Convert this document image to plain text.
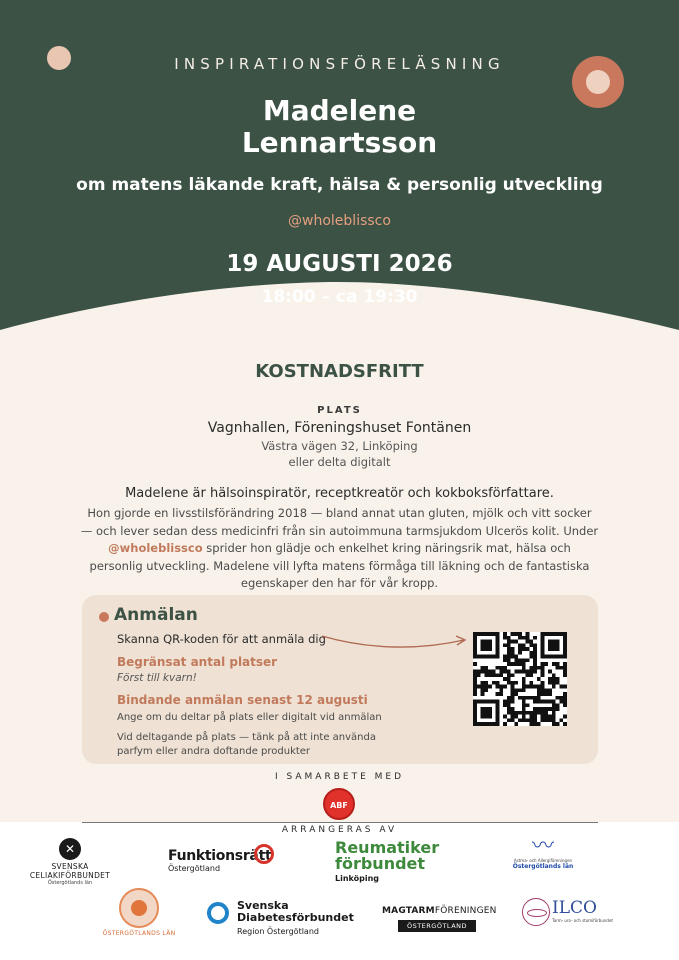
INSPIRATIONSFÖRELÄSNING
Madelene
Lennartsson
om matens läkande kraft, hälsa & personlig utveckling
@wholeblissco
19 AUGUSTI 2026
18:00 – ca 19:30
KOSTNADSFRITT
PLATS
Vagnhallen, Föreningshuset Fontänen
Västra vägen 32, Linköping
eller delta digitalt
Madelene är hälsoinspiratör, receptkreatör och kokboksförfattare.
Hon gjorde en livsstilsförändring 2018 — bland annat utan gluten, mjölk och vitt socker — och lever sedan dess medicinfri från sin autoimmuna tarmsjukdom Ulcerös kolit. Under @wholeblissco sprider hon glädje och enkelhet kring näringsrik mat, hälsa och personlig utveckling. Madelene vill lyfta matens förmåga till läkning och de fantastiska egenskaper den har för vår kropp.
Anmälan
Skanna QR-koden för att anmäla dig
Begränsat antal platser
Först till kvarn!
Bindande anmälan senast 12 augusti
Ange om du deltar på plats eller digitalt vid anmälan
Vid deltagande på plats — tänk på att inte använda parfym eller andra doftande produkter
I SAMARBETE MED
ABF
ARRANGERAS AV
✕
SVENSKA CELIAKIFÖRBUNDET
Östergötlands län
Funktionsrätt
Östergötland
Reumatiker förbundet
Linköping
〰
Astma- och Allergiföreningen
Östergötlands län
ÖSTERGÖTLANDS LÄN
Svenska Diabetesförbundet
Region Östergötland
MAGTARMFÖRENINGEN
ÖSTERGÖTLAND
ILCO
Tarm- uro- och stomiförbundet
